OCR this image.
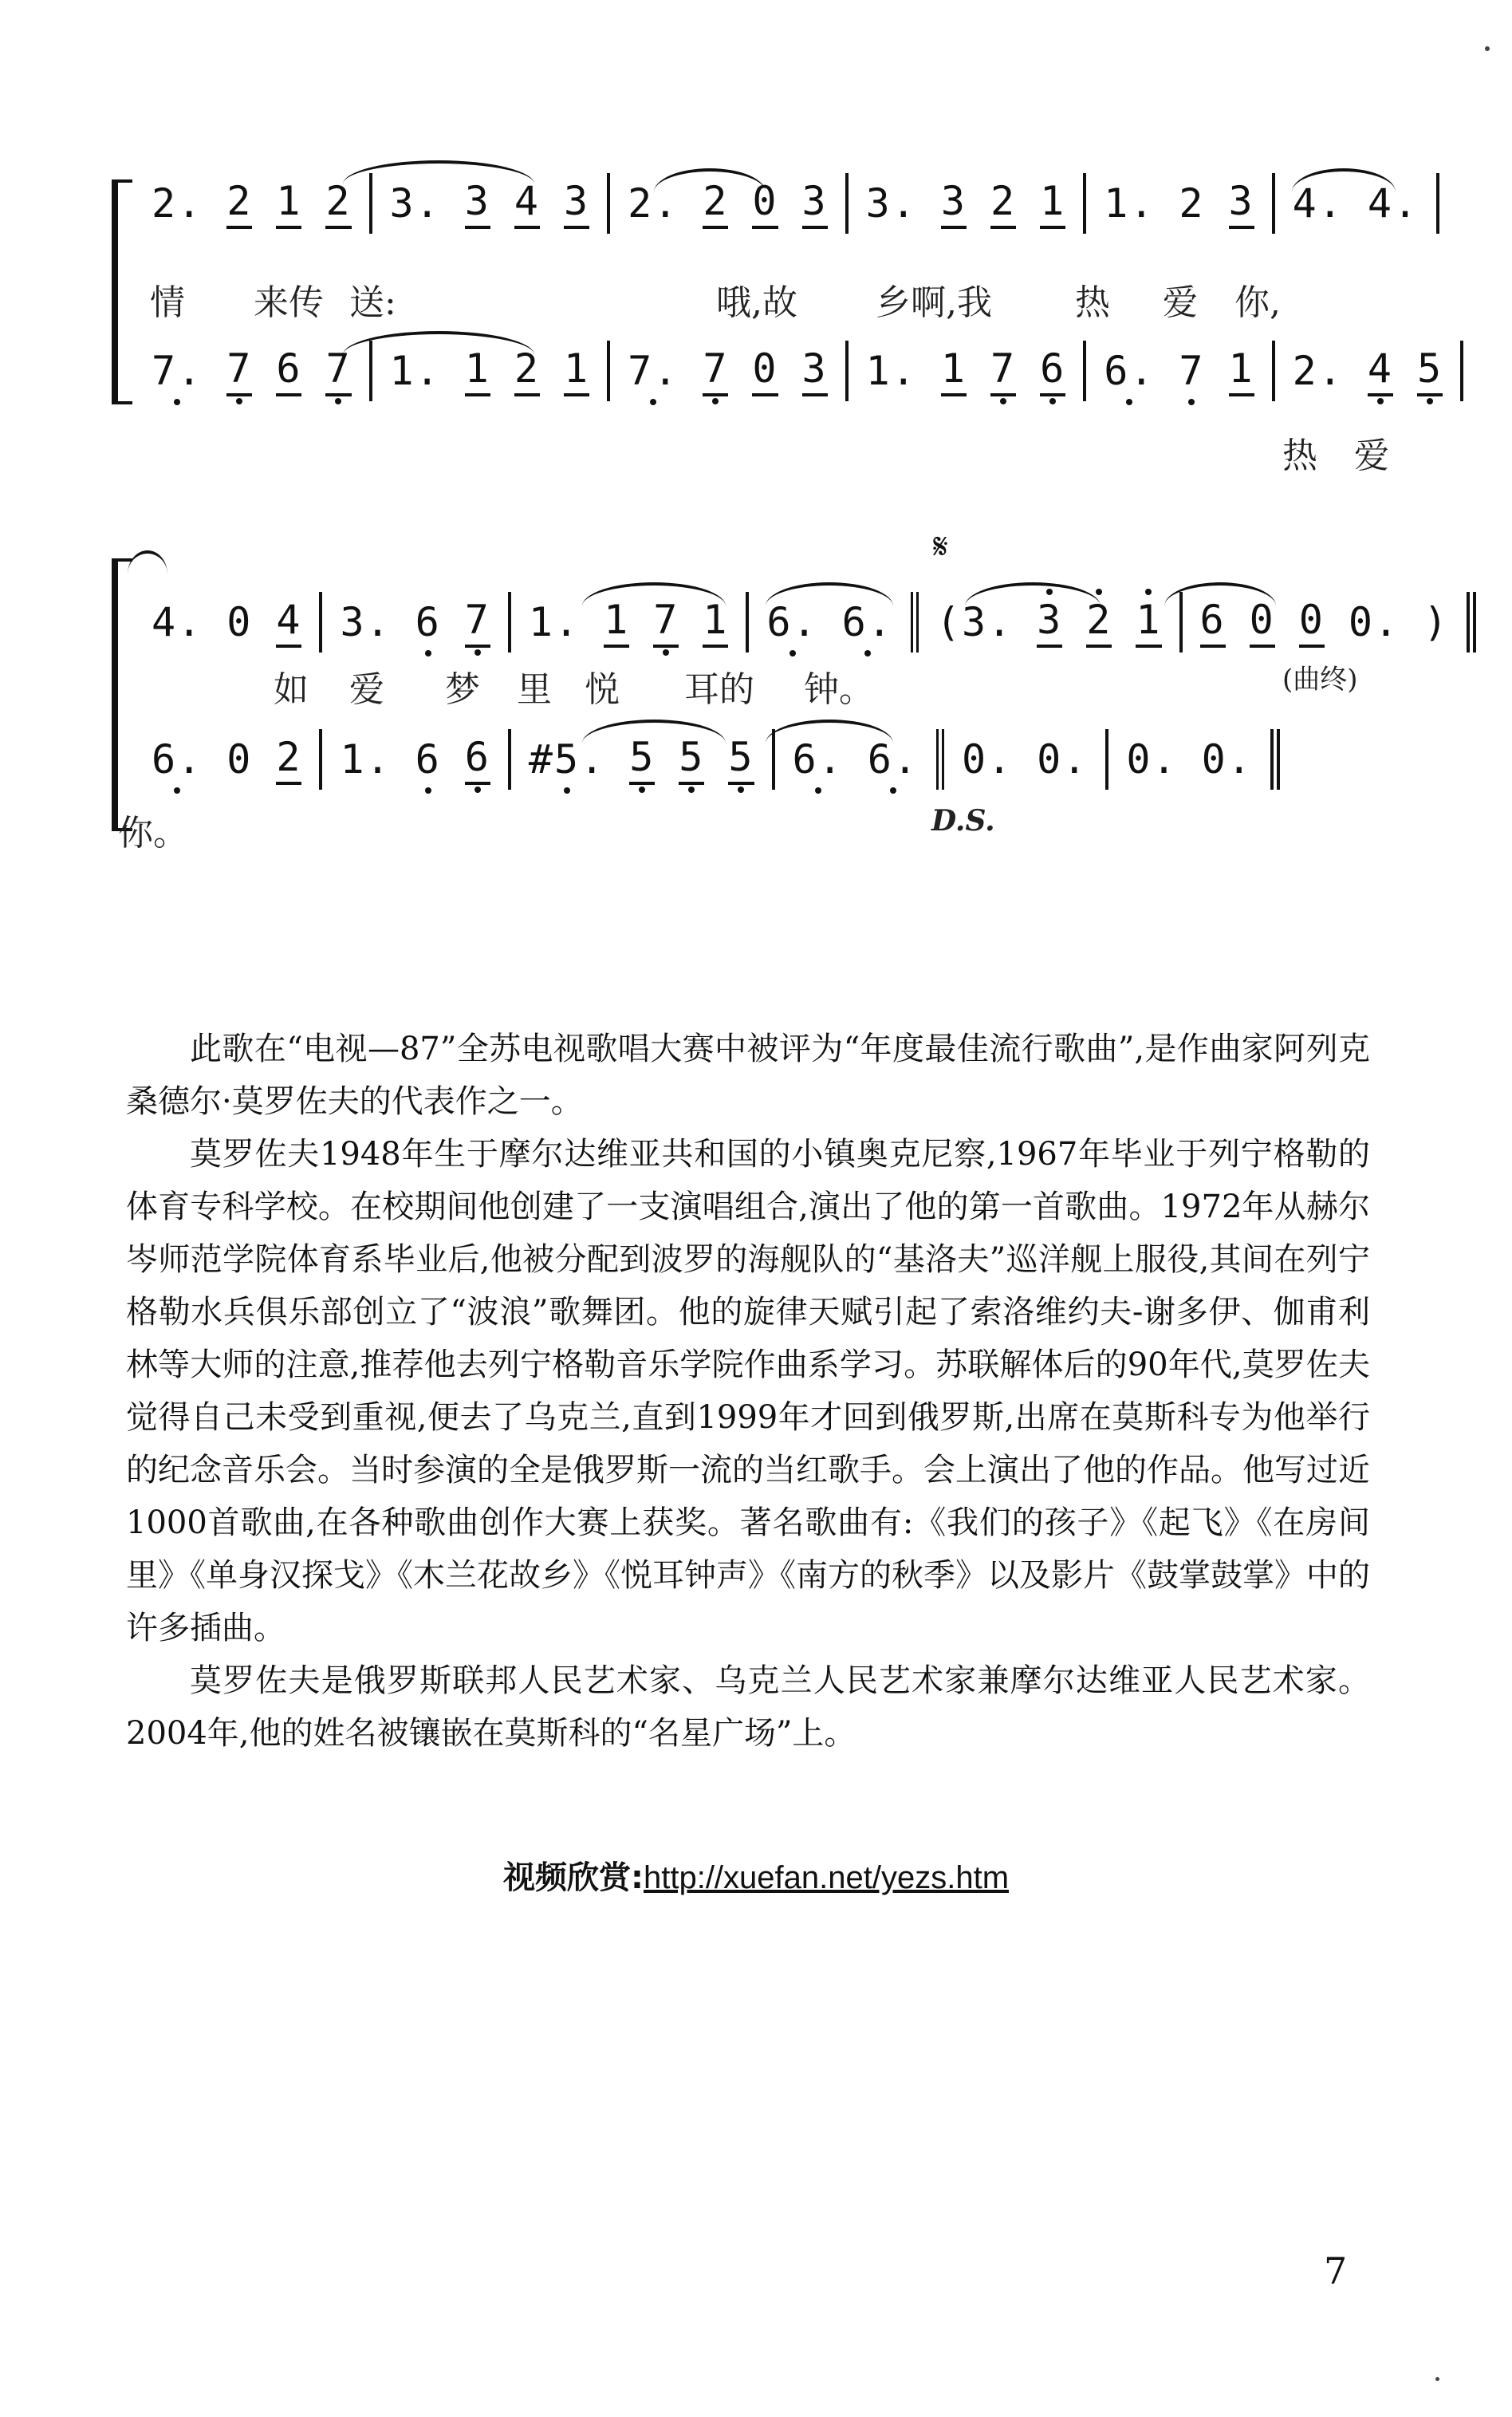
2. 2 1 2 3. 3 4 3 2. 2 0 3 3. 3 2 1 1. 2 3 4. 4.
情 来传 送:	哦,故 乡啊,我 热 爱 你,
7. 7 6 7 1. 1 2 1 7. 7 0 3 1. 1 7 6 6. 7 1 2. 4 5
热 爱
𝄋
4. 0 4 3. 6 7 1. 1 7 1 6. 6. (3. 3 2 1 6 0 0 0. )
如 爱 梦 里 悦 耳的 钟。	(曲终)
6. 0 2 1. 6 6 #5. 5 5 5 6. 6. 0. 0. 0. 0.
你。	D.S.

此歌在“电视—87”全苏电视歌唱大赛中被评为“年度最佳流行歌曲”,是作曲家阿列克桑德尔·莫罗佐夫的代表作之一。

莫罗佐夫1948年生于摩尔达维亚共和国的小镇奥克尼察,1967年毕业于列宁格勒的体育专科学校。在校期间他创建了一支演唱组合,演出了他的第一首歌曲。1972年从赫尔岑师范学院体育系毕业后,他被分配到波罗的海舰队的“基洛夫”巡洋舰上服役,其间在列宁格勒水兵俱乐部创立了“波浪”歌舞团。他的旋律天赋引起了索洛维约夫-谢多伊、伽甫利林等大师的注意,推荐他去列宁格勒音乐学院作曲系学习。苏联解体后的90年代,莫罗佐夫觉得自己未受到重视,便去了乌克兰,直到1999年才回到俄罗斯,出席在莫斯科专为他举行的纪念音乐会。当时参演的全是俄罗斯一流的当红歌手。会上演出了他的作品。他写过近1000首歌曲,在各种歌曲创作大赛上获奖。著名歌曲有:《我们的孩子》《起飞》《在房间里》《单身汉探戈》《木兰花故乡》《悦耳钟声》《南方的秋季》以及影片《鼓掌鼓掌》中的许多插曲。

莫罗佐夫是俄罗斯联邦人民艺术家、乌克兰人民艺术家兼摩尔达维亚人民艺术家。2004年,他的姓名被镶嵌在莫斯科的“名星广场”上。

视频欣赏:http://xuefan.net/yezs.htm
7
